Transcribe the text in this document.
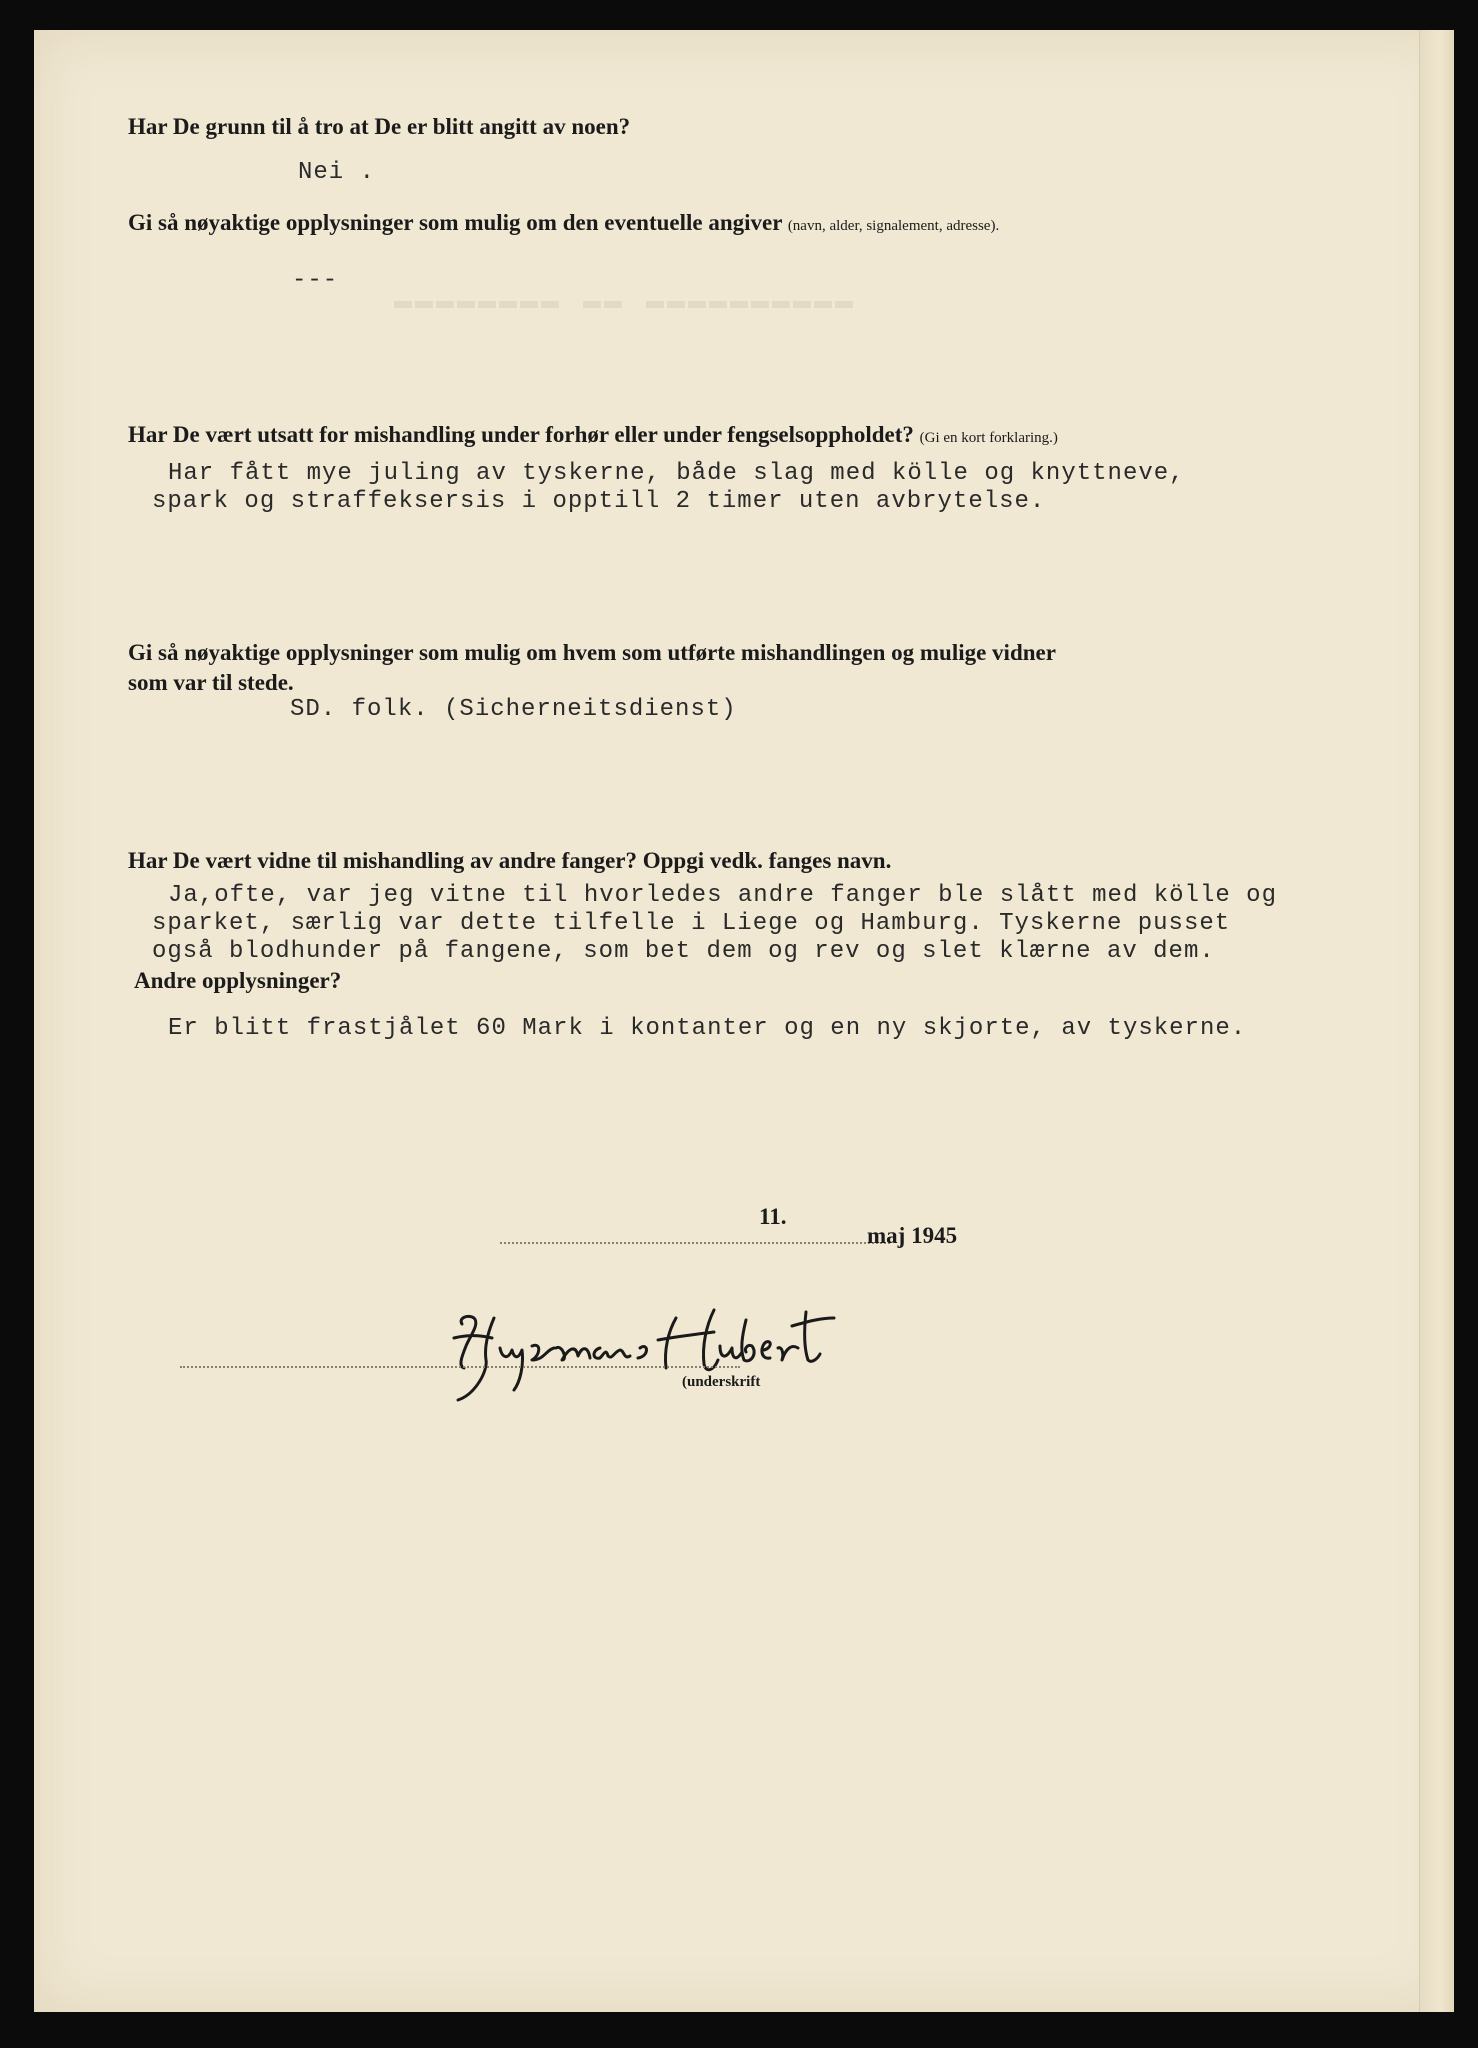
▬▬▬▬▬▬▬▬ ▬▬ ▬▬▬▬▬▬▬▬▬▬
Har De grunn til å tro at De er blitt angitt av noen?
Nei .
Gi så nøyaktige opplysninger som mulig om den eventuelle angiver (navn, alder, signalement, adresse).
---
Har De vært utsatt for mishandling under forhør eller under fengselsoppholdet? (Gi en kort forklaring.)
Har fått mye juling av tyskerne, både slag med kölle og knyttneve,
spark og straffeksersis i opptill 2 timer uten avbrytelse.
Gi så nøyaktige opplysninger som mulig om hvem som utførte mishandlingen og mulige vidner
som var til stede.
SD. folk. (Sicherneitsdienst)
Har De vært vidne til mishandling av andre fanger? Oppgi vedk. fanges navn.
Ja,ofte, var jeg vitne til hvorledes andre fanger ble slått med kölle og
sparket, særlig var dette tilfelle i Liege og Hamburg. Tyskerne pusset
også blodhunder på fangene, som bet dem og rev og slet klærne av dem.
Andre opplysninger?
Er blitt frastjålet 60 Mark i kontanter og en ny skjorte, av tyskerne.
11.
maj 1945
(underskrift
